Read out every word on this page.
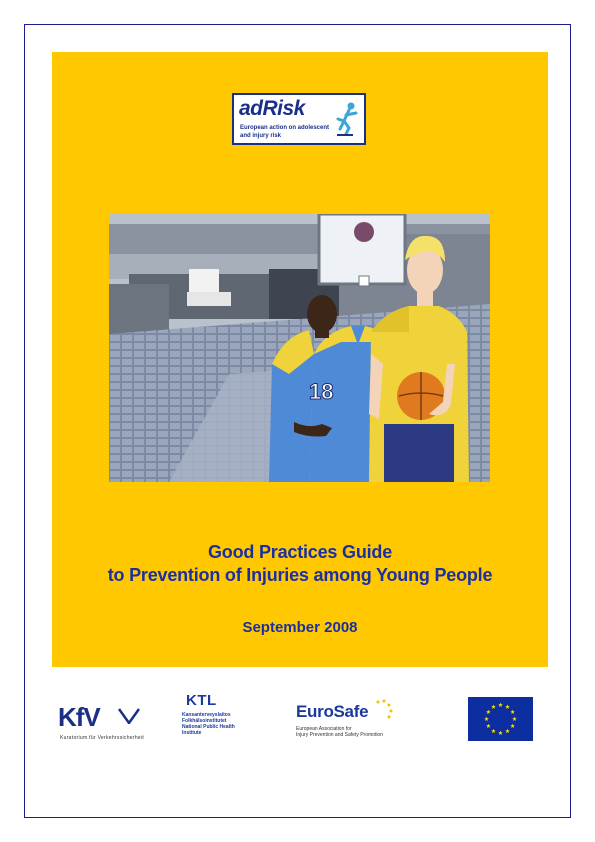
adRisk
European action on adolescent and injury risk
18
Good Practices Guide
to Prevention of Injuries among Young People
September 2008
KfV
Kuratorium für Verkehrssicherheit
KTL
Kansanterveyslaitos Folkhälsoinstitutet National Public Health Institute
EuroSafe
European Association for
Injury Prevention and Safety Promotion
